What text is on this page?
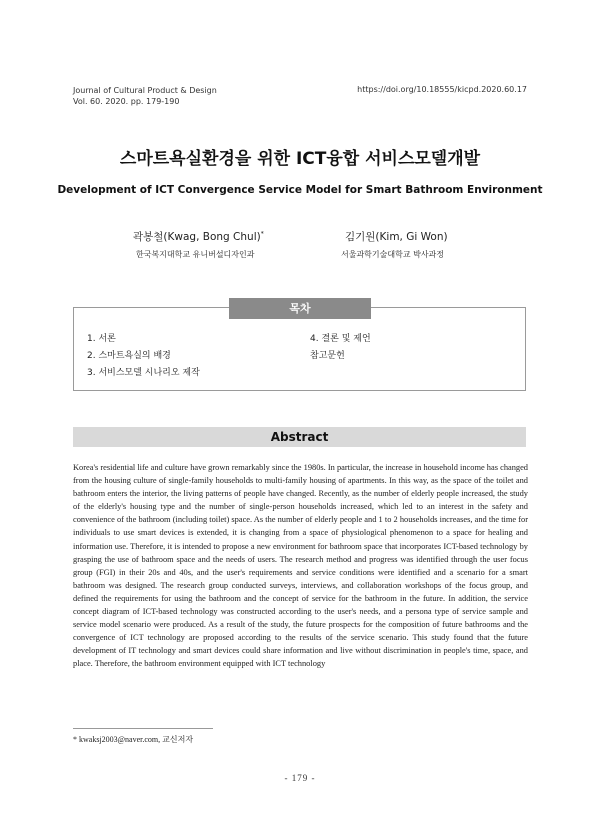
Journal of Cultural Product & Design
Vol. 60. 2020. pp. 179-190
https://doi.org/10.18555/kicpd.2020.60.17
스마트욕실환경을 위한 ICT융합 서비스모델개발
Development of ICT Convergence Service Model for Smart Bathroom Environment
곽봉철(Kwag, Bong Chul)*
한국복지대학교 유니버설디자인과
김기원(Kim, Gi Won)
서울과학기술대학교 박사과정
목차
1. 서론
2. 스마트욕실의 배경
3. 서비스모델 시나리오 제작
4. 결론 및 제언
참고문헌
Abstract

Korea's residential life and culture have grown remarkably since the 1980s. In particular, the increase in household income has changed from the housing culture of single-family households to multi-family housing of apartments. In this way, as the space of the toilet and bathroom enters the interior, the living patterns of people have changed. Recently, as the number of elderly people increased, the study of the elderly's housing type and the number of single-person households increased, which led to an interest in the safety and convenience of the bathroom (including toilet) space. As the number of elderly people and 1 to 2 households increases, and the time for individuals to use smart devices is extended, it is changing from a space of physiological phenomenon to a space for healing and information use. Therefore, it is intended to propose a new environment for bathroom space that incorporates ICT-based technology by grasping the use of bathroom space and the needs of users. The research method and progress was identified through the user focus group (FGI) in their 20s and 40s, and the user's requirements and service conditions were identified and a scenario for a smart bathroom was designed. The research group conducted surveys, interviews, and collaboration workshops of the focus group, and defined the requirements for using the bathroom and the concept of service for the bathroom in the future. In addition, the service concept diagram of ICT-based technology was constructed according to the user's needs, and a persona type of service sample and service model scenario were produced. As a result of the study, the future prospects for the composition of future bathrooms and the convergence of ICT technology are proposed according to the results of the service scenario. This study found that the future development of IT technology and smart devices could share information and live without discrimination in people's time, space, and place. Therefore, the bathroom environment equipped with ICT technology

* kwaksj2003@naver.com, 교신저자
- 179 -
